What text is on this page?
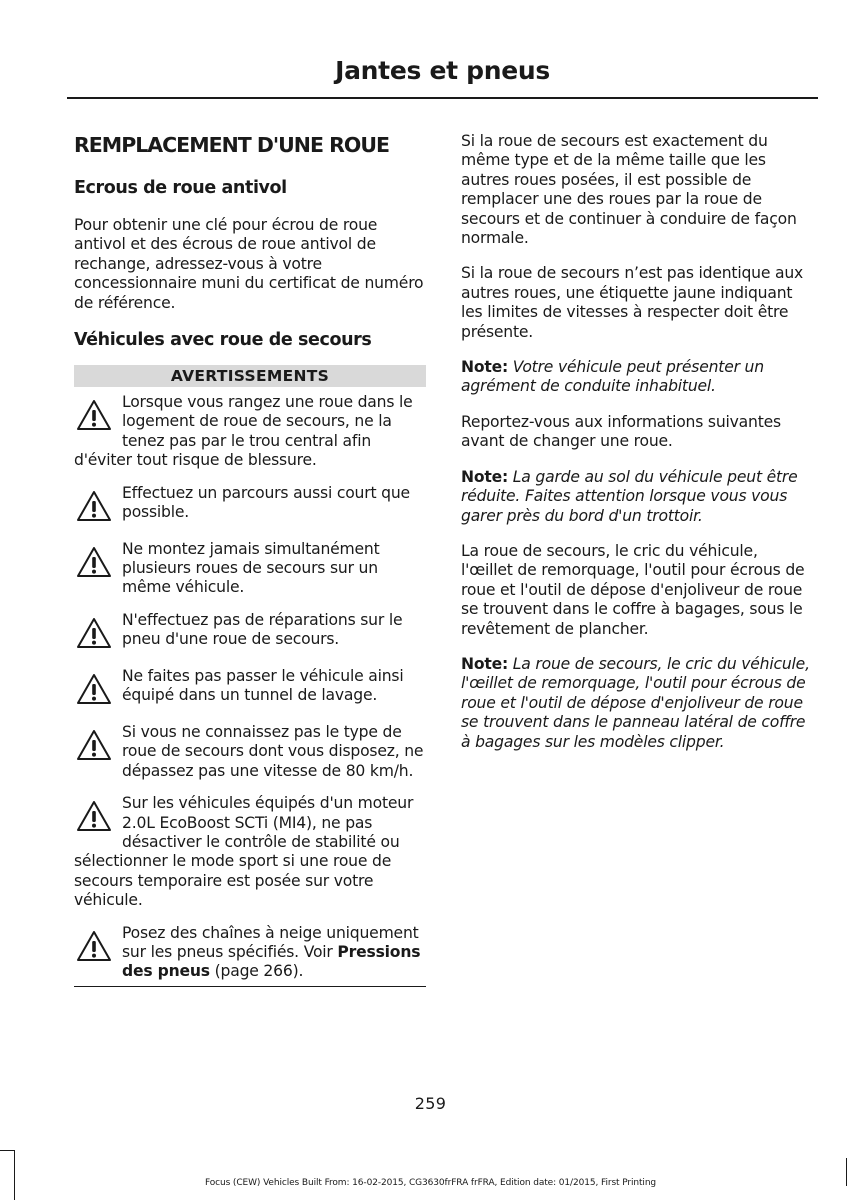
Jantes et pneus
REMPLACEMENT D'UNE ROUE
Ecrous de roue antivol
Pour obtenir une clé pour écrou de roue antivol et des écrous de roue antivol de rechange, adressez-vous à votre concessionnaire muni du certificat de numéro de référence.
Véhicules avec roue de secours
AVERTISSEMENTS
Lorsque vous rangez une roue dans le logement de roue de secours, ne la tenez pas par le trou central afin d'éviter tout risque de blessure.
Effectuez un parcours aussi court que possible.
Ne montez jamais simultanément plusieurs roues de secours sur un même véhicule.
N'effectuez pas de réparations sur le pneu d'une roue de secours.
Ne faites pas passer le véhicule ainsi équipé dans un tunnel de lavage.
Si vous ne connaissez pas le type de roue de secours dont vous disposez, ne dépassez pas une vitesse de 80 km/h.
Sur les véhicules équipés d'un moteur 2.0L EcoBoost SCTi (MI4), ne pas désactiver le contrôle de stabilité ou sélectionner le mode sport si une roue de secours temporaire est posée sur votre véhicule.
Posez des chaînes à neige uniquement sur les pneus spécifiés. Voir Pressions des pneus (page 266).
Si la roue de secours est exactement du même type et de la même taille que les autres roues posées, il est possible de remplacer une des roues par la roue de secours et de continuer à conduire de façon normale.
Si la roue de secours n’est pas identique aux autres roues, une étiquette jaune indiquant les limites de vitesses à respecter doit être présente.
Note: Votre véhicule peut présenter un agrément de conduite inhabituel.
Reportez-vous aux informations suivantes avant de changer une roue.
Note: La garde au sol du véhicule peut être réduite. Faites attention lorsque vous vous garer près du bord d'un trottoir.
La roue de secours, le cric du véhicule, l'œillet de remorquage, l'outil pour écrous de roue et l'outil de dépose d'enjoliveur de roue se trouvent dans le coffre à bagages, sous le revêtement de plancher.
Note: La roue de secours, le cric du véhicule, l'œillet de remorquage, l'outil pour écrous de roue et l'outil de dépose d'enjoliveur de roue se trouvent dans le panneau latéral de coffre à bagages sur les modèles clipper.
259
Focus (CEW) Vehicles Built From: 16-02-2015, CG3630frFRA frFRA, Edition date: 01/2015, First Printing
